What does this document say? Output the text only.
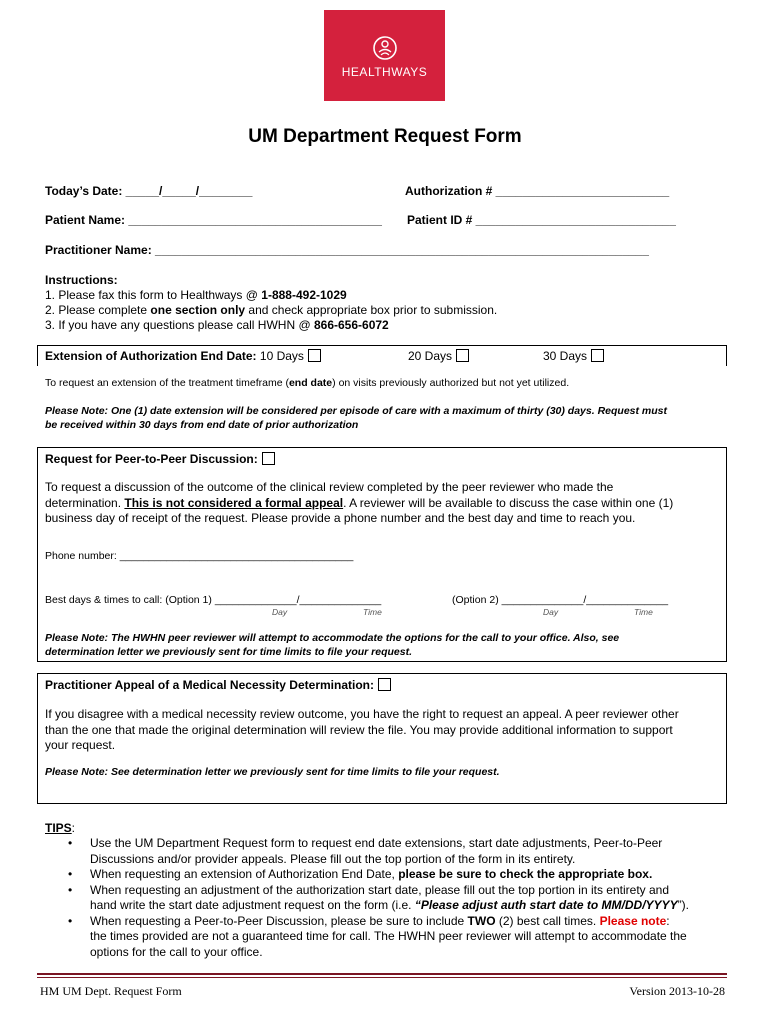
HEALTHWAYS
UM Department Request Form
Today’s Date: _____/_____/________	Authorization # __________________________
Patient Name: ______________________________________ Patient ID # ______________________________
Practitioner Name: __________________________________________________________________________
Instructions:
1. Please fax this form to Healthways @ 1-888-492-1029
2. Please complete one section only and check appropriate box prior to submission.
3. If you have any questions please call HWHN @ 866-656-6072
Extension of Authorization End Date: 10 Days	20 Days	30 Days
To request an extension of the treatment timeframe (end date) on visits previously authorized but not yet utilized.
Please Note: One (1) date extension will be considered per episode of care with a maximum of thirty (30) days. Request must
be received within 30 days from end date of prior authorization
Request for Peer-to-Peer Discussion:
To request a discussion of the outcome of the clinical review completed by the peer reviewer who made the
determination. This is not considered a formal appeal. A reviewer will be available to discuss the case within one (1)
business day of receipt of the request. Please provide a phone number and the best day and time to reach you.
Phone number: ________________________________________
Best days & times to call: (Option 1) ______________/______________	(Option 2) ______________/______________
Day	Time	Day	Time
Please Note: The HWHN peer reviewer will attempt to accommodate the options for the call to your office. Also, see
determination letter we previously sent for time limits to file your request.
Practitioner Appeal of a Medical Necessity Determination:
If you disagree with a medical necessity review outcome, you have the right to request an appeal. A peer reviewer other
than the one that made the original determination will review the file. You may provide additional information to support
your request.
Please Note: See determination letter we previously sent for time limits to file your request.
TIPS:
• Use the UM Department Request form to request end date extensions, start date adjustments, Peer-to-Peer
Discussions and/or provider appeals. Please fill out the top portion of the form in its entirety.
• When requesting an extension of Authorization End Date, please be sure to check the appropriate box.
• When requesting an adjustment of the authorization start date, please fill out the top portion in its entirety and
hand write the start date adjustment request on the form (i.e. “Please adjust auth start date to MM/DD/YYYY”).
• When requesting a Peer-to-Peer Discussion, please be sure to include TWO (2) best call times. Please note:
the times provided are not a guaranteed time for call. The HWHN peer reviewer will attempt to accommodate the
options for the call to your office.
HM UM Dept. Request Form	Version 2013-10-28
